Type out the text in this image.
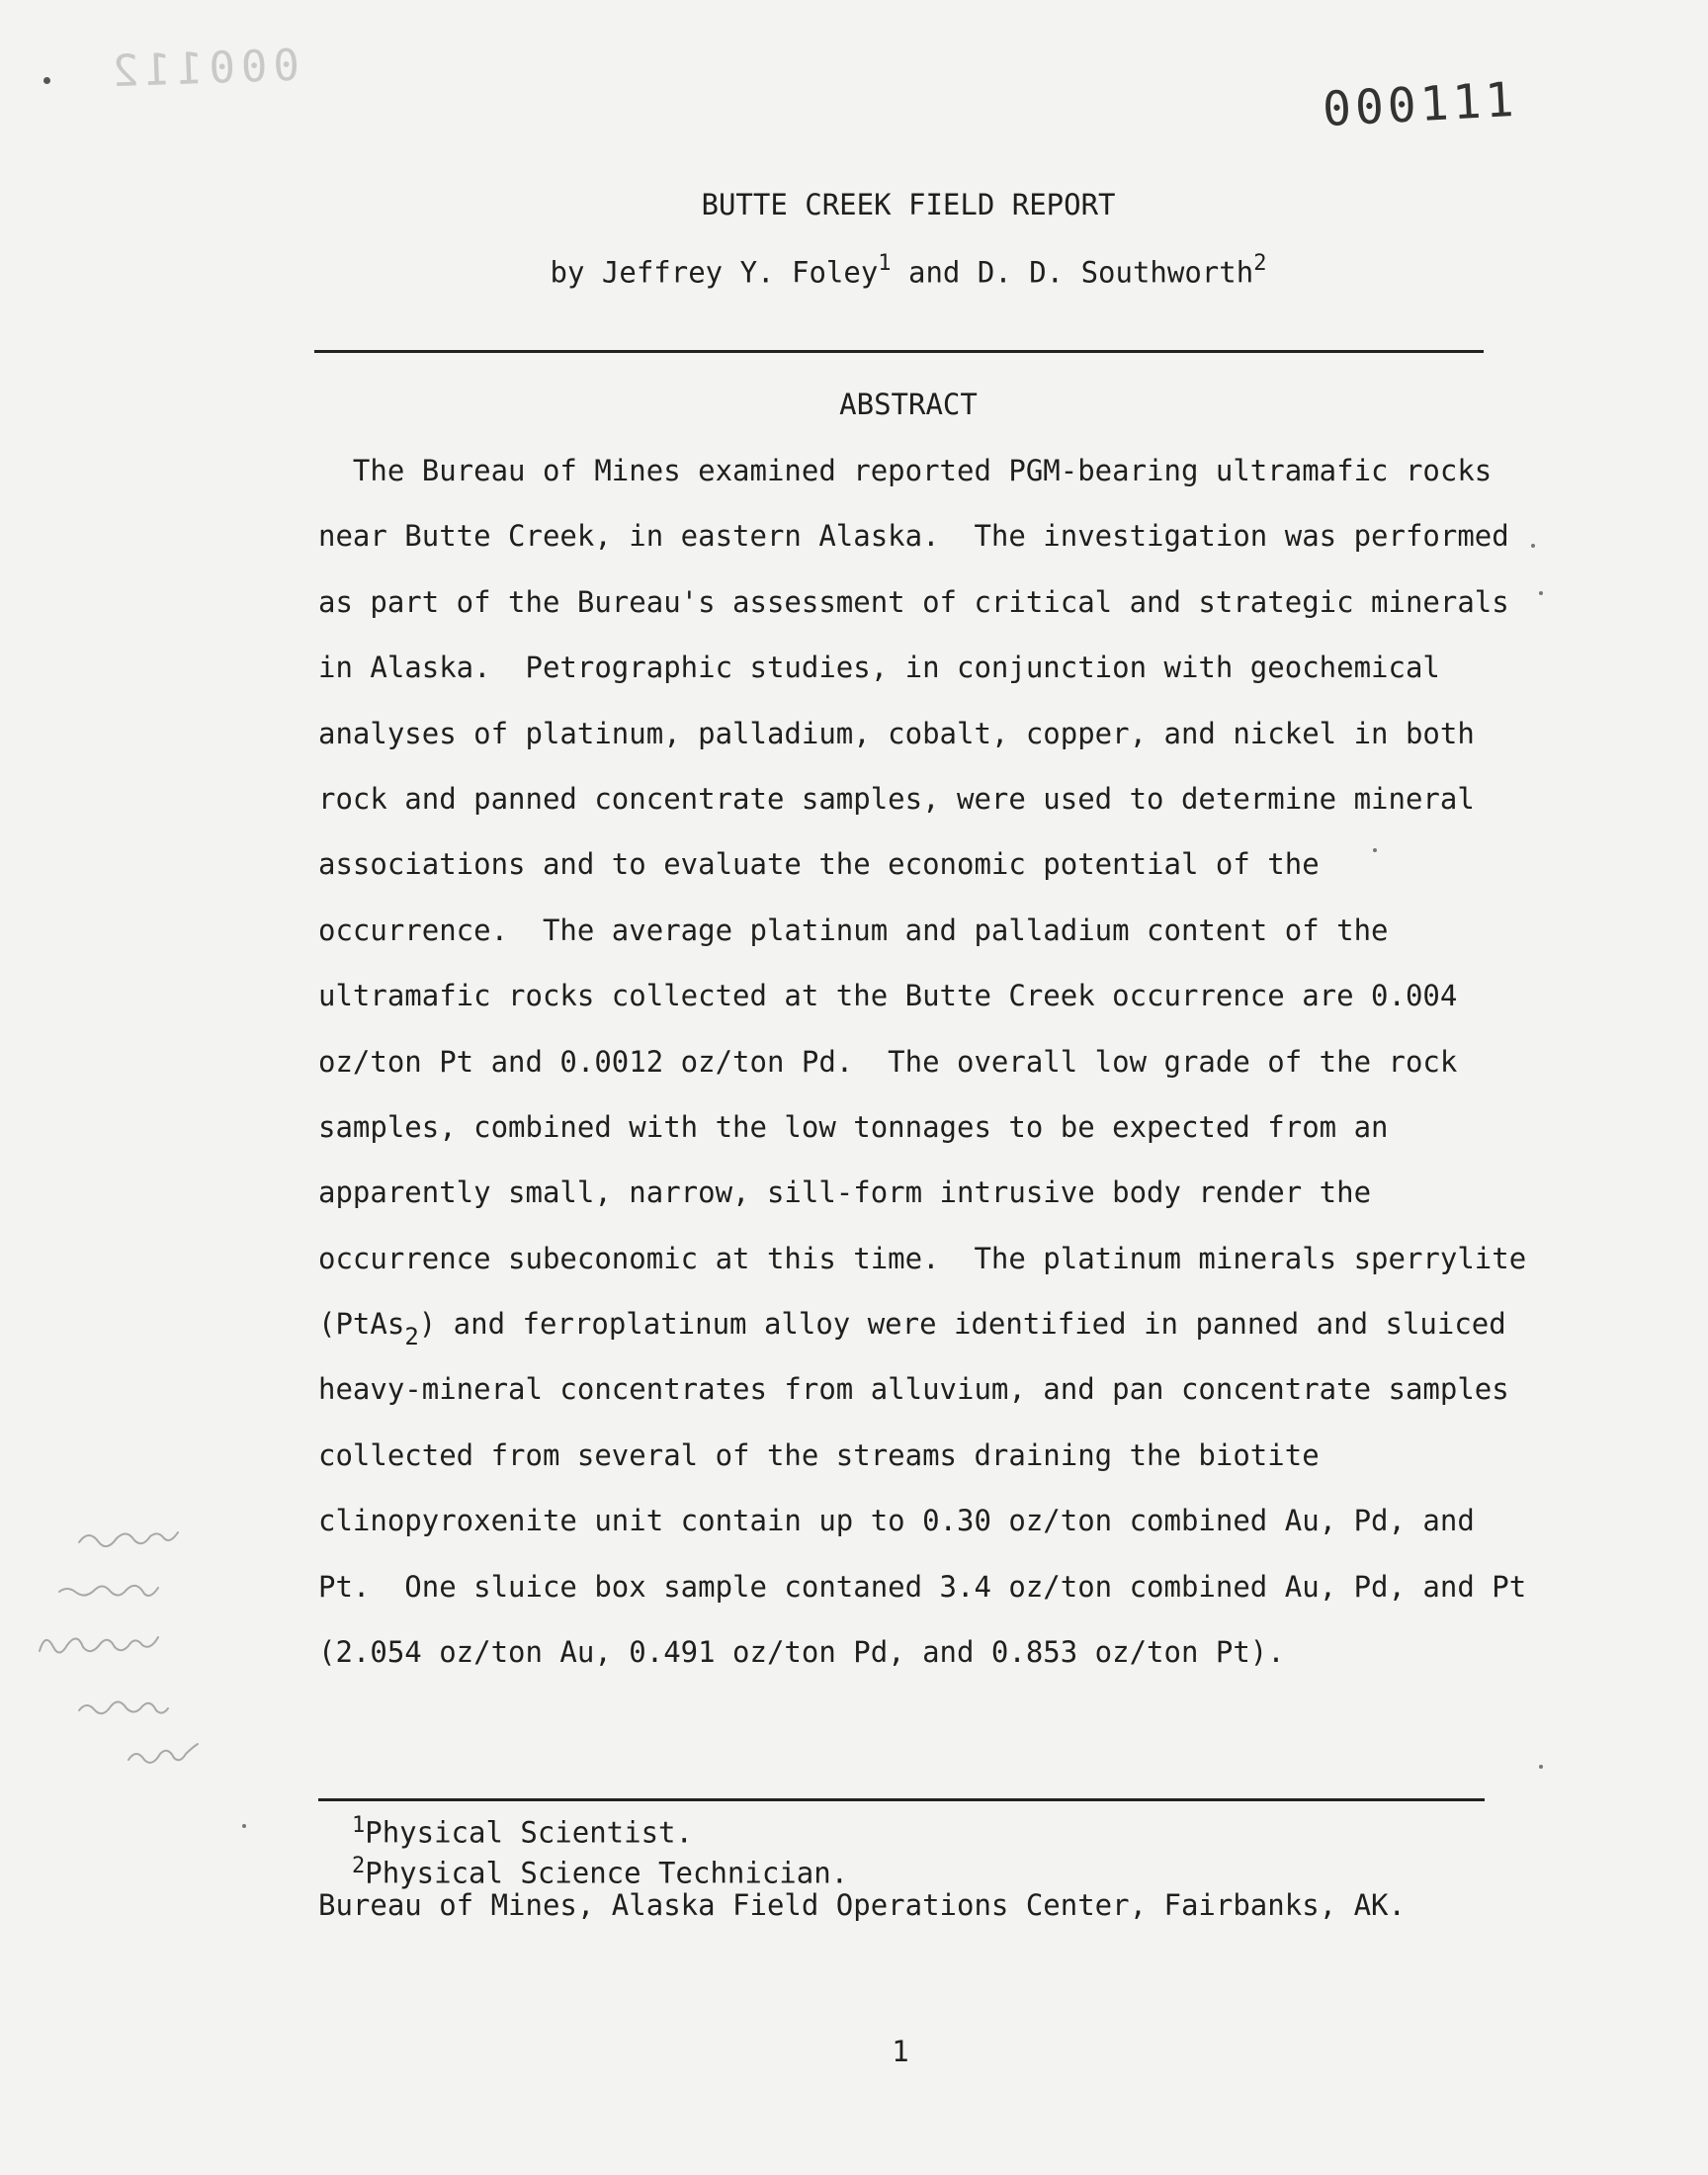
000112
000111
BUTTE CREEK FIELD REPORT
by Jeffrey Y. Foley$^1$ and D. D. Southworth$^2$
ABSTRACT
The Bureau of Mines examined reported PGM-bearing ultramafic rocks
near Butte Creek, in eastern Alaska.  The investigation was performed
as part of the Bureau's assessment of critical and strategic minerals
in Alaska.  Petrographic studies, in conjunction with geochemical
analyses of platinum, palladium, cobalt, copper, and nickel in both
rock and panned concentrate samples, were used to determine mineral
associations and to evaluate the economic potential of the
occurrence.  The average platinum and palladium content of the
ultramafic rocks collected at the Butte Creek occurrence are 0.004
oz/ton Pt and 0.0012 oz/ton Pd.  The overall low grade of the rock
samples, combined with the low tonnages to be expected from an
apparently small, narrow, sill-form intrusive body render the
occurrence subeconomic at this time.  The platinum minerals sperrylite
(PtAs$_2$) and ferroplatinum alloy were identified in panned and sluiced
heavy-mineral concentrates from alluvium, and pan concentrate samples
collected from several of the streams draining the biotite
clinopyroxenite unit contain up to 0.30 oz/ton combined Au, Pd, and
Pt.  One sluice box sample contaned 3.4 oz/ton combined Au, Pd, and Pt
(2.054 oz/ton Au, 0.491 oz/ton Pd, and 0.853 oz/ton Pt).
$^1$Physical Scientist.
$^2$Physical Science Technician.
Bureau of Mines, Alaska Field Operations Center, Fairbanks, AK.
1
